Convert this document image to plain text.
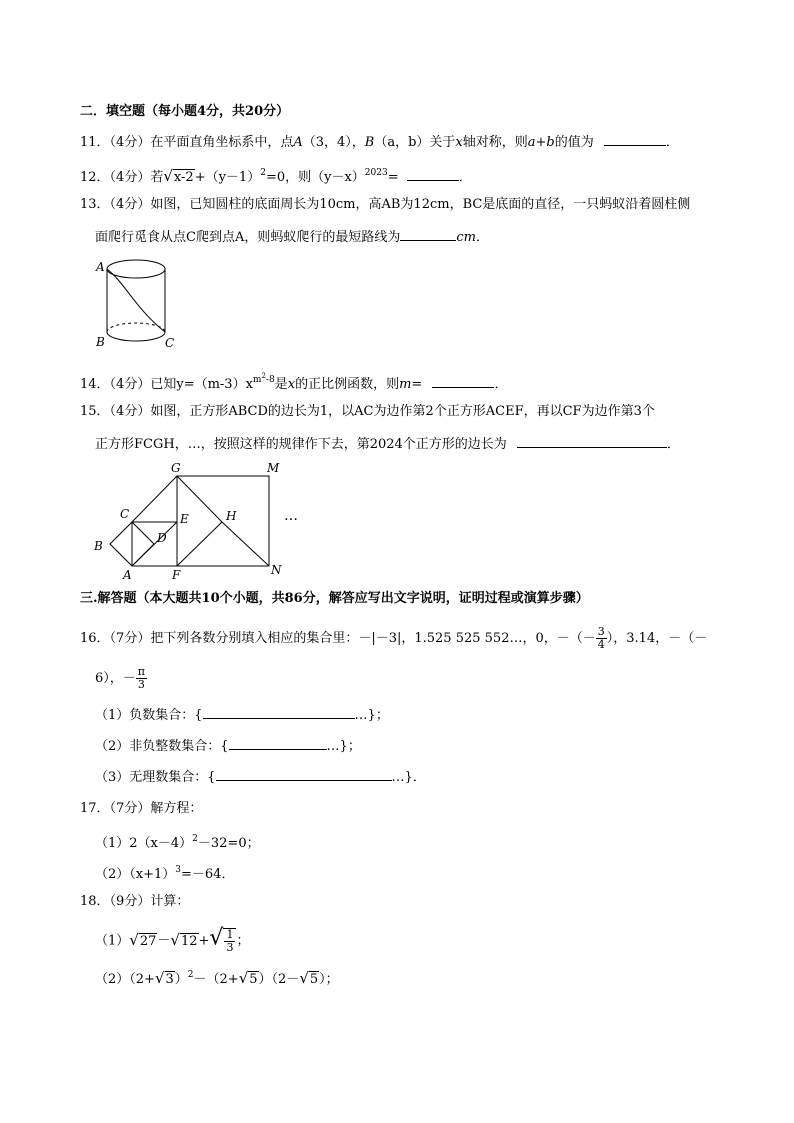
二．填空题（每小题4分，共20分）
11．（4分）在平面直角坐标系中，点A（3，4），B（a，b）关于x轴对称，则a+b的值为	．
12．（4分）若$√x-2+(y-1)^2=0$，则$(y-x)^{2023}=$	．
13．（4分）如图，已知圆柱的底面周长为10cm，高AB为12cm，BC是底面的直径，一只蚂蚁沿着圆柱侧
面爬行觅食从点C爬到点A，则蚂蚁爬行的最短路线为	cm．
A
B	C
14．（4分）已知$y=(m-3)x^{m^2-8}$是x的正比例函数，则m=	．
15．（4分）如图，正方形ABCD的边长为1，以AC为边作第2个正方形ACEF，再以CF为边作第3个
正方形FCGH，…，按照这样的规律作下去，第2024个正方形的边长为	．
G	M
C	E	H
D
B
A	F	N
…
三.解答题（本大题共10个小题，共86分，解答应写出文字说明，证明过程或演算步骤）
16．（7分）把下列各数分别填入相应的集合里：－|－3|，1.525 525 552…，0，－（－ $\frac{3}{4}$ ），3.14，－（－
6），－ $\frac{\pi}{3}$
（1）负数集合：{	…}；
（2）非负整数集合：{	…}；
（3）无理数集合：{	…}．
17．（7分）解方程：
$(1)2(x-4)^2-32=0$；
$(2)(x+1)^3=-64$．
18．（9分）计算：
$(1)√27-√12+√ \frac{1}{3}$ ；
$(2)(2+√3)^2-(2+√5)(2-√5)$；
